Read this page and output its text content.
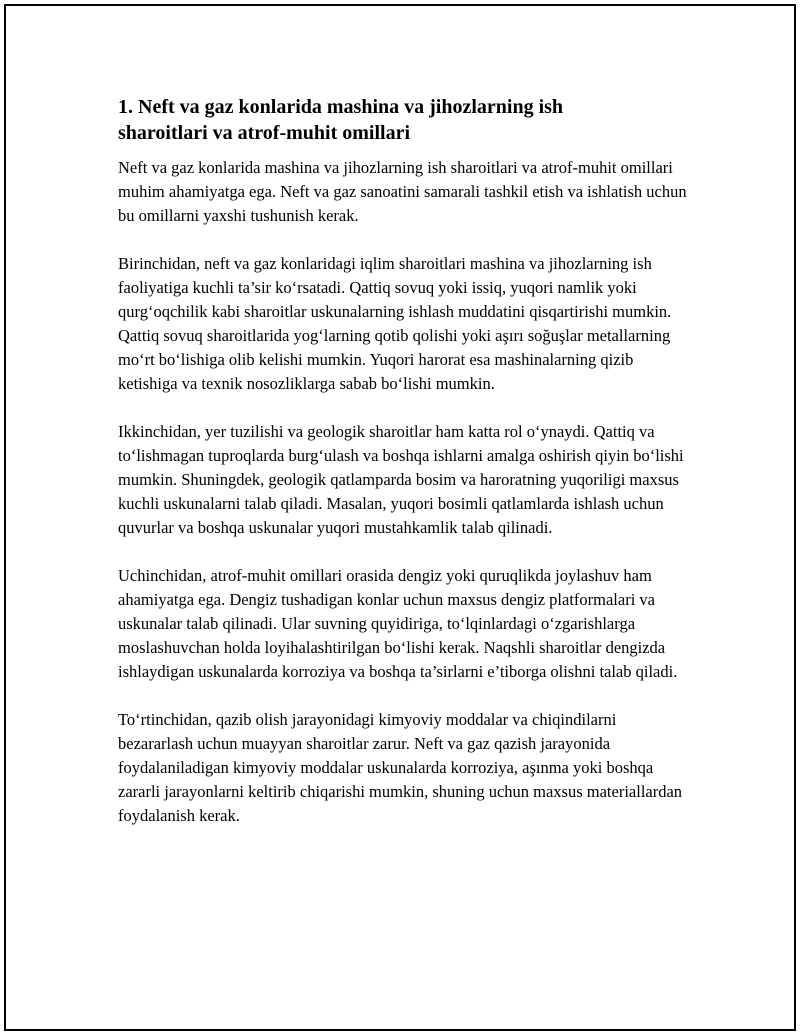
1. Neft va gaz konlarida mashina va jihozlarning ish sharoitlari va atrof-muhit omillari

Neft va gaz konlarida mashina va jihozlarning ish sharoitlari va atrof-muhit omillari muhim ahamiyatga ega. Neft va gaz sanoatini samarali tashkil etish va ishlatish uchun bu omillarni yaxshi tushunish kerak.

Birinchidan, neft va gaz konlaridagi iqlim sharoitlari mashina va jihozlarning ish faoliyatiga kuchli ta’sir ko‘rsatadi. Qattiq sovuq yoki issiq, yuqori namlik yoki qurg‘oqchilik kabi sharoitlar uskunalarning ishlash muddatini qisqartirishi mumkin. Qattiq sovuq sharoitlarida yog‘larning qotib qolishi yoki aşırı soğuşlar metallarning mo‘rt bo‘lishiga olib kelishi mumkin. Yuqori harorat esa mashinalarning qizib ketishiga va texnik nosozliklarga sabab bo‘lishi mumkin.

Ikkinchidan, yer tuzilishi va geologik sharoitlar ham katta rol o‘ynaydi. Qattiq va to‘lishmagan tuproqlarda burg‘ulash va boshqa ishlarni amalga oshirish qiyin bo‘lishi mumkin. Shuningdek, geologik qatlamparda bosim va haroratning yuqoriligi maxsus kuchli uskunalarni talab qiladi. Masalan, yuqori bosimli qatlamlarda ishlash uchun quvurlar va boshqa uskunalar yuqori mustahkamlik talab qilinadi.

Uchinchidan, atrof-muhit omillari orasida dengiz yoki quruqlikda joylashuv ham ahamiyatga ega. Dengiz tushadigan konlar uchun maxsus dengiz platformalari va uskunalar talab qilinadi. Ular suvning quyidiriga, to‘lqinlardagi o‘zgarishlarga moslashuvchan holda loyihalashtirilgan bo‘lishi kerak. Naqshli sharoitlar dengizda ishlaydigan uskunalarda korroziya va boshqa ta’sirlarni e’tiborga olishni talab qiladi.

To‘rtinchidan, qazib olish jarayonidagi kimyoviy moddalar va chiqindilarni bezararlash uchun muayyan sharoitlar zarur. Neft va gaz qazish jarayonida foydalaniladigan kimyoviy moddalar uskunalarda korroziya, aşınma yoki boshqa zararli jarayonlarni keltirib chiqarishi mumkin, shuning uchun maxsus materiallardan foydalanish kerak.
